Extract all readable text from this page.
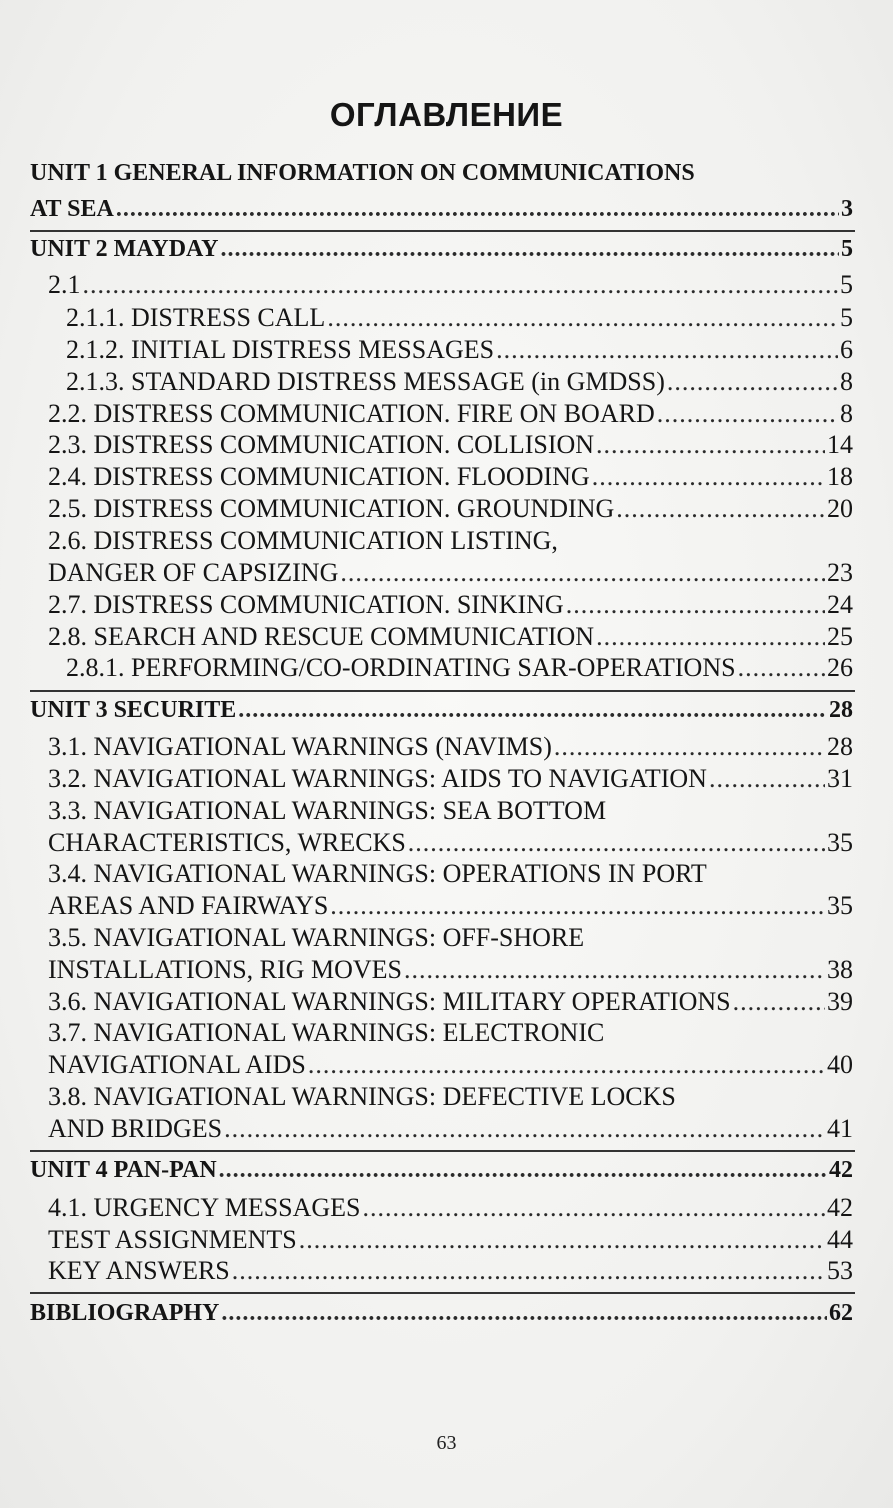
ОГЛАВЛЕНИЕ
UNIT 1 GENERAL INFORMATION ON COMMUNICATIONS
AT SEA .....	3
UNIT 2 MAYDAY .....	5
2.1 .....	5
2.1.1. DISTRESS CALL .....	5
2.1.2. INITIAL DISTRESS MESSAGES .....	6
2.1.3. STANDARD DISTRESS MESSAGE (in GMDSS) .....	8
2.2. DISTRESS COMMUNICATION. FIRE ON BOARD .....	8
2.3. DISTRESS COMMUNICATION. COLLISION .....	14
2.4. DISTRESS COMMUNICATION. FLOODING .....	18
2.5. DISTRESS COMMUNICATION. GROUNDING .....	20
2.6. DISTRESS COMMUNICATION LISTING,
DANGER OF CAPSIZING .....	23
2.7. DISTRESS COMMUNICATION. SINKING .....	24
2.8. SEARCH AND RESCUE COMMUNICATION .....	25
2.8.1. PERFORMING/CO-ORDINATING SAR-OPERATIONS .....	26
UNIT 3 SECURITE .....	28
3.1. NAVIGATIONAL WARNINGS (NAVIMS) .....	28
3.2. NAVIGATIONAL WARNINGS: AIDS TO NAVIGATION .....	31
3.3. NAVIGATIONAL WARNINGS: SEA BOTTOM
CHARACTERISTICS, WRECKS .....	35
3.4. NAVIGATIONAL WARNINGS: OPERATIONS IN PORT
AREAS AND FAIRWAYS .....	35
3.5. NAVIGATIONAL WARNINGS: OFF-SHORE
INSTALLATIONS, RIG MOVES .....	38
3.6. NAVIGATIONAL WARNINGS: MILITARY OPERATIONS .....	39
3.7. NAVIGATIONAL WARNINGS: ELECTRONIC
NAVIGATIONAL AIDS .....	40
3.8. NAVIGATIONAL WARNINGS: DEFECTIVE LOCKS
AND BRIDGES .....	41
UNIT 4 PAN-PAN .....	42
4.1. URGENCY MESSAGES .....	42
TEST ASSIGNMENTS .....	44
KEY ANSWERS .....	53
BIBLIOGRAPHY .....	62
63
